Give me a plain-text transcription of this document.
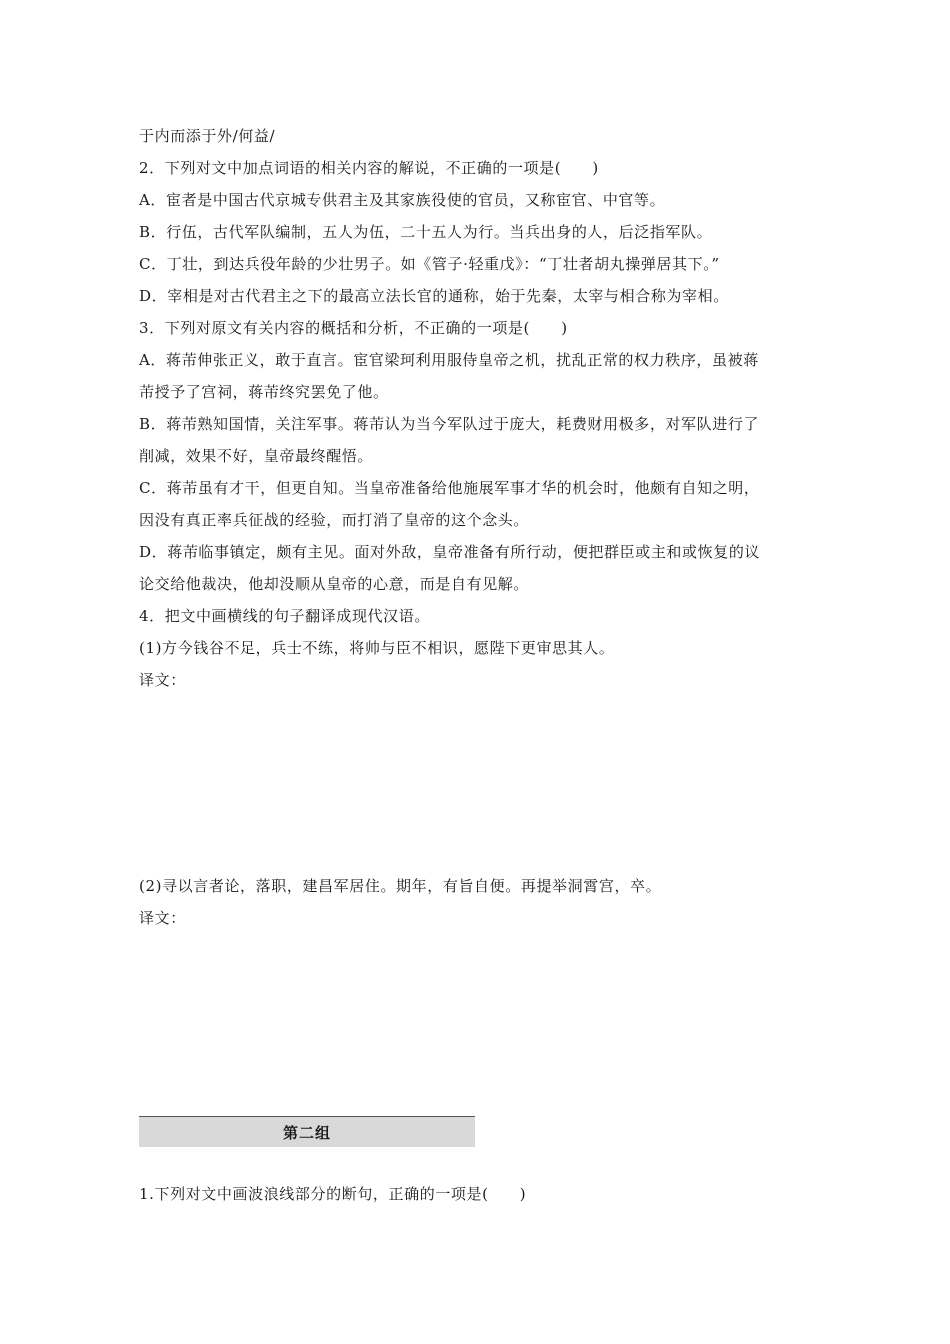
于内而添于外/何益/
2．下列对文中加点词语的相关内容的解说，不正确的一项是(　　)
A．宦者是中国古代京城专供君主及其家族役使的官员，又称宦官、中官等。
B．行伍，古代军队编制，五人为伍，二十五人为行。当兵出身的人，后泛指军队。
C．丁壮，到达兵役年龄的少壮男子。如《管子·轻重戊》：“丁壮者胡丸操弹居其下。”
D．宰相是对古代君主之下的最高立法长官的通称，始于先秦，太宰与相合称为宰相。
3．下列对原文有关内容的概括和分析，不正确的一项是(　　)
A．蒋芾伸张正义，敢于直言。宦官梁珂利用服侍皇帝之机，扰乱正常的权力秩序，虽被蒋
芾授予了宫祠，蒋芾终究罢免了他。
B．蒋芾熟知国情，关注军事。蒋芾认为当今军队过于庞大，耗费财用极多，对军队进行了
削减，效果不好，皇帝最终醒悟。
C．蒋芾虽有才干，但更自知。当皇帝准备给他施展军事才华的机会时，他颇有自知之明，
因没有真正率兵征战的经验，而打消了皇帝的这个念头。
D．蒋芾临事镇定，颇有主见。面对外敌，皇帝准备有所行动，便把群臣或主和或恢复的议
论交给他裁决，他却没顺从皇帝的心意，而是自有见解。
4．把文中画横线的句子翻译成现代汉语。
(1)方今钱谷不足，兵士不练，将帅与臣不相识，愿陛下更审思其人。
译文：
(2)寻以言者论，落职，建昌军居住。期年，有旨自便。再提举洞霄宫，卒。
译文：
第二组
1.下列对文中画波浪线部分的断句，正确的一项是(　　)
